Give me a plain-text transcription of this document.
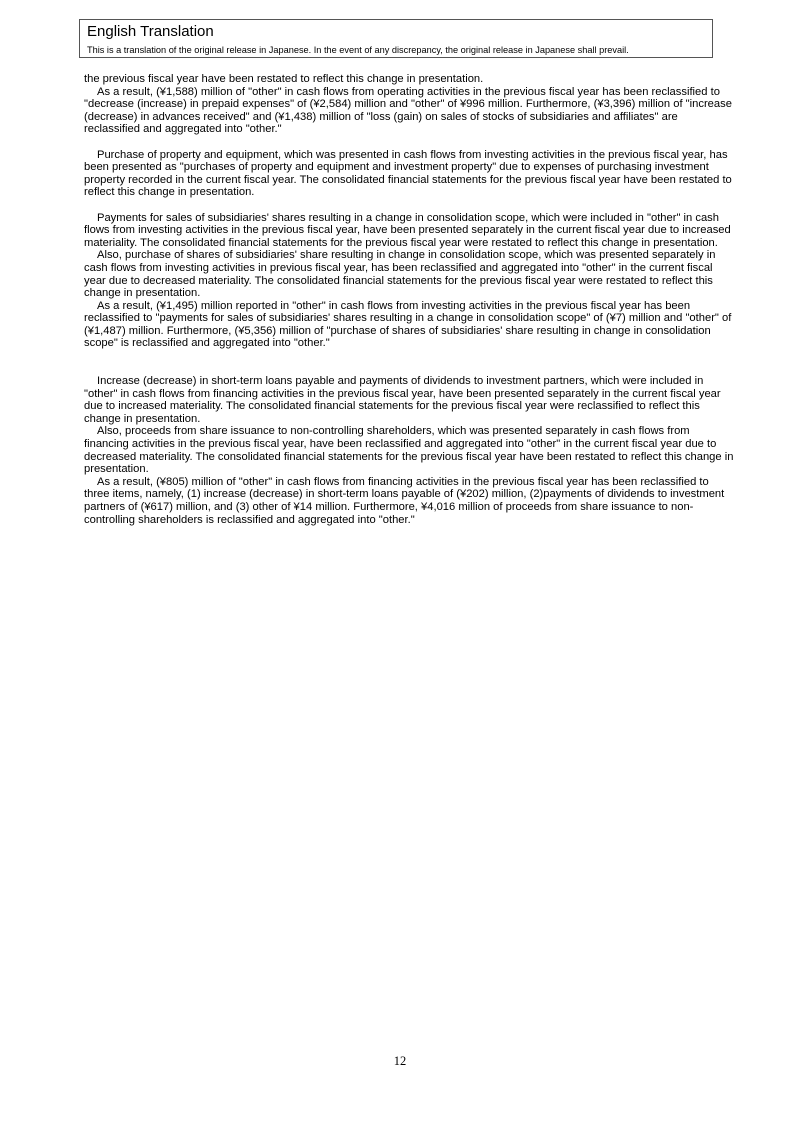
English Translation
This is a translation of the original release in Japanese. In the event of any discrepancy, the original release in Japanese shall prevail.

the previous fiscal year have been restated to reflect this change in presentation.

As a result, (¥1,588) million of "other" in cash flows from operating activities in the previous fiscal year has been reclassified to "decrease (increase) in prepaid expenses" of (¥2,584) million and "other" of ¥996 million. Furthermore, (¥3,396) million of "increase (decrease) in advances received" and (¥1,438) million of "loss (gain) on sales of stocks of subsidiaries and affiliates" are reclassified and aggregated into "other."

Purchase of property and equipment, which was presented in cash flows from investing activities in the previous fiscal year, has been presented as "purchases of property and equipment and investment property" due to expenses of purchasing investment property recorded in the current fiscal year. The consolidated financial statements for the previous fiscal year have been restated to reflect this change in presentation.

Payments for sales of subsidiaries' shares resulting in a change in consolidation scope, which were included in "other" in cash flows from investing activities in the previous fiscal year, have been presented separately in the current fiscal year due to increased materiality. The consolidated financial statements for the previous fiscal year were restated to reflect this change in presentation.

Also, purchase of shares of subsidiaries' share resulting in change in consolidation scope, which was presented separately in cash flows from investing activities in previous fiscal year, has been reclassified and aggregated into "other" in the current fiscal year due to decreased materiality. The consolidated financial statements for the previous fiscal year were restated to reflect this change in presentation.

As a result, (¥1,495) million reported in "other" in cash flows from investing activities in the previous fiscal year has been reclassified to "payments for sales of subsidiaries' shares resulting in a change in consolidation scope" of (¥7) million and "other" of (¥1,487) million. Furthermore, (¥5,356) million of "purchase of shares of subsidiaries' share resulting in change in consolidation scope" is reclassified and aggregated into "other."

Increase (decrease) in short-term loans payable and payments of dividends to investment partners, which were included in "other" in cash flows from financing activities in the previous fiscal year, have been presented separately in the current fiscal year due to increased materiality. The consolidated financial statements for the previous fiscal year were reclassified to reflect this change in presentation.

Also, proceeds from share issuance to non-controlling shareholders, which was presented separately in cash flows from financing activities in the previous fiscal year, have been reclassified and aggregated into "other" in the current fiscal year due to decreased materiality. The consolidated financial statements for the previous fiscal year have been restated to reflect this change in presentation.

As a result, (¥805) million of "other" in cash flows from financing activities in the previous fiscal year has been reclassified to three items, namely, (1) increase (decrease) in short-term loans payable of (¥202) million, (2)payments of dividends to investment partners of (¥617) million, and (3) other of ¥14 million. Furthermore, ¥4,016 million of proceeds from share issuance to non-controlling shareholders is reclassified and aggregated into "other."

12
